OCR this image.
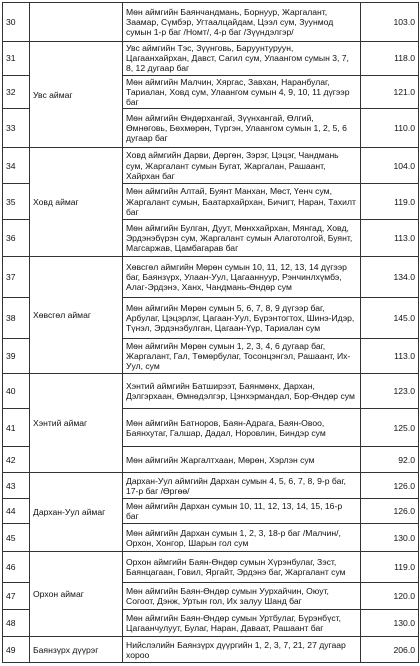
30		Мөн аймгийн Баянчандмань, Борнуур, Жаргалант, Заамар, Сүмбэр, Угтаалцайдам, Цээл сум, Зуунмод сумын 1-р баг /Номт/, 4-р баг /Зүүндэлгэр/	103.0
31	Увс аймаг	Увс аймгийн Тэс, Зүүнговь, Баруунтуруун, Цагаанхайрхан, Давст, Сагил сум, Улаангом сумын 3, 7, 8, 12 дугаар баг	118.0
32		Мөн аймгийн Малчин, Хяргас, Завхан, Наранбулаг, Тариалан, Ховд сум, Улаангом сумын 4, 9, 10, 11 дүгээр баг	121.0
33		Мөн аймгийн Өндөрхангай, Зүүнхангай, Өлгий, Өмнөговь, Бөхмөрөн, Түргэн, Улаангом сумын 1, 2, 5, 6 дугаар баг	110.0
34	Ховд аймаг	Ховд аймгийн Дарви, Дөргөн, Зэрэг, Цэцэг, Чандмань сум, Жаргалант сумын Бугат, Жаргалан, Рашаант, Хайрхан баг	104.0
35		Мөн аймгийн Алтай, Буянт Манхан, Мөст, Үенч сум, Жаргалант сумын, Баатархайрхан, Бичигт, Наран, Тахилт баг	119.0
36		Мөн аймгийн Булган, Дуут, Мөнххайрхан, Мянгад, Ховд, Эрдэнэбүрэн сум, Жаргалант сумын Алаготолгой, Буянт, Магсаржав, Цамбагарав баг	113.0
37	Хөвсгөл аймаг	Хөвсгөл аймгийн Мөрөн сумын 10, 11, 12, 13, 14 дүгээр баг, Баянзүрх, Улаан-Уул, Цагааннуур, Рэнчинлхүмбэ, Алаг-Эрдэнэ, Ханх, Чандмань-Өндөр сум	134.0
38		Мөн аймгийн Мөрөн сумын 5, 6, 7, 8, 9 дүгээр баг, Арбулаг, Цэцэрлэг, Цагаан-Уул, Бүрэнтогтох, Шинэ-Идэр, Түнэл, Эрдэнэбулган, Цагаан-Үүр, Тариалан сум	145.0
39		Мөн аймгийн Мөрөн сумын 1, 2, 3, 4, 6 дугаар баг, Жаргалант, Гал, Төмөрбулаг, Тосонцэнгэл, Рашаант, Их-Уул, сум	113.0
40	Хэнтий аймаг	Хэнтий аймгийн Батширээт, Баянмөнх, Дархан, Дэлгэрхаан, Өмнөдэлгэр, Цэнхэрмандал, Бор-Өндөр сум	123.0
41		Мөн аймгийн Батноров, Баян-Адрага, Баян-Овоо, Баянхутаг, Галшар, Дадал, Норовлин, Биндэр сум	125.0
42		Мөн аймгийн Жаргалтхаан, Мөрөн, Хэрлэн сум	92.0
43	Дархан-Уул аймаг	Дархан-Уул аймгийн Дархан сумын 4, 5, 6, 7, 8, 9-р баг, 17-р баг /Өргөө/	126.0
44		Мөн аймгийн Дархан сумын 10, 11, 12, 13, 14, 15, 16-р баг	126.0
45		Мөн аймгийн Дархан сумын 1, 2, 3, 18-р баг /Малчин/, Орхон, Хонгор, Шарын гол сум	130.0
46	Орхон аймаг	Орхон аймгийн Баян-Өндөр сумын Хүрэнбулаг, Зэст, Баянцагаан, Говил, Яргайт, Эрдэнэ баг, Жаргалант сум	119.0
47		Мөн аймгийн Баян-Өндөр сумын Уурхайчин, Оюут, Согоот, Дэнж, Уртын гол, Их залуу Шанд баг	120.0
48		Мөн аймгийн Баян-Өндөр сумын Уртбулаг, Бүрэнбүст, Цагаанчулуут, Булаг, Наран, Даваат, Рашаант баг	130.0
49	Баянзүрх дүүрэг	Нийслэлийн Баянзүрх дүүргийн 1, 2, 3, 7, 21, 27 дугаар хороо	206.0
